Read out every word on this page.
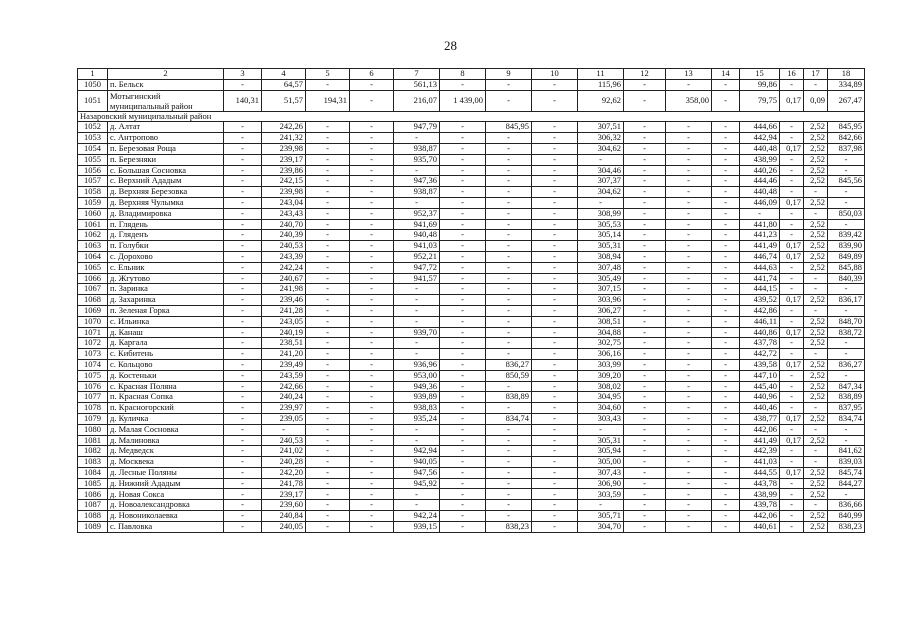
28
1	2	3	4	5	6	7	8	9	10	11	12	13	14	15	16	17	18
1050	п. Бельск	-	64,57	-	-	561,13	-	-	-	115,96	-	-	-	99,86	-	-	334,89
1051	Мотыгинский муниципальный район	140,31	51,57	194,31	-	216,07	1 439,00	-	-	92,62	-	358,00	-	79,75	0,17	0,09	267,47
Назаровский муниципальный район																	
1052	д. Алтат	-	242,26	-	-	947,79	-	845,95	-	307,51	-	-	-	444,66	-	2,52	845,95
1053	с. Антропово	-	241,32	-	-	-	-	-	-	306,32	-	-	-	442,94	-	2,52	842,66
1054	п. Березовая Роща	-	239,98	-	-	938,87	-	-	-	304,62	-	-	-	440,48	0,17	2,52	837,98
1055	п. Березняки	-	239,17	-	-	935,70	-	-	-	-	-	-	-	438,99	-	2,52	-
1056	с. Большая Сосновка	-	239,86	-	-	-	-	-	-	304,46	-	-	-	440,26	-	2,52	-
1057	с. Верхний Ададым	-	242,15	-	-	947,36	-	-	-	307,37	-	-	-	444,46	-	2,52	845,56
1058	д. Верхняя Березовка	-	239,98	-	-	938,87	-	-	-	304,62	-	-	-	440,48	-	-	-
1059	д. Верхняя Чулымка	-	243,04	-	-	-	-	-	-	-	-	-	-	446,09	0,17	2,52	-
1060	д. Владимировка	-	243,43	-	-	952,37	-	-	-	308,99	-	-	-	-	-	-	850,03
1061	п. Глядень	-	240,70	-	-	941,69	-	-	-	305,53	-	-	-	441,80	-	2,52	-
1062	д. Гляденъ	-	240,39	-	-	940,48	-	-	-	305,14	-	-	-	441,23	-	2,52	839,42
1063	п. Голубки	-	240,53	-	-	941,03	-	-	-	305,31	-	-	-	441,49	0,17	2,52	839,90
1064	с. Дорохово	-	243,39	-	-	952,21	-	-	-	308,94	-	-	-	446,74	0,17	2,52	849,89
1065	с. Ельник	-	242,24	-	-	947,72	-	-	-	307,48	-	-	-	444,63	-	2,52	845,88
1066	д. Жгутово	-	240,67	-	-	941,57	-	-	-	305,49	-	-	-	441,74	-	-	840,39
1067	п. Заринка	-	241,98	-	-	-	-	-	-	307,15	-	-	-	444,15	-	-	-
1068	д. Захаринка	-	239,46	-	-	-	-	-	-	303,96	-	-	-	439,52	0,17	2,52	836,17
1069	п. Зеленая Горка	-	241,28	-	-	-	-	-	-	306,27	-	-	-	442,86	-	-	-
1070	с. Ильинка	-	243,05	-	-	-	-	-	-	308,51	-	-	-	446,11	-	2,52	848,70
1071	д. Канаш	-	240,19	-	-	939,70	-	-	-	304,88	-	-	-	440,86	0,17	2,52	838,72
1072	д. Каргала	-	238,51	-	-	-	-	-	-	302,75	-	-	-	437,78	-	2,52	-
1073	с. Кибитень	-	241,20	-	-	-	-	-	-	306,16	-	-	-	442,72	-	-	-
1074	с. Кольцово	-	239,49	-	-	936,96	-	836,27	-	303,99	-	-	-	439,58	0,17	2,52	836,27
1075	д. Костеньки	-	243,59	-	-	953,00	-	850,59	-	309,20	-	-	-	447,10	-	2,52	-
1076	с. Красная Поляна	-	242,66	-	-	949,36	-	-	-	308,02	-	-	-	445,40	-	2,52	847,34
1077	п. Красная Сопка	-	240,24	-	-	939,89	-	838,89	-	304,95	-	-	-	440,96	-	2,52	838,89
1078	п. Красногорский	-	239,97	-	-	938,83	-	-	-	304,60	-	-	-	440,46	-	-	837,95
1079	д. Куличка	-	239,05	-	-	935,24	-	834,74	-	303,43	-	-	-	438,77	0,17	2,52	834,74
1080	д. Малая Сосновка	-	-	-	-	-	-	-	-	-	-	-	-	442,06	-	-	-
1081	д. Малиновка	-	240,53	-	-	-	-	-	-	305,31	-	-	-	441,49	0,17	2,52	-
1082	д. Медведск	-	241,02	-	-	942,94	-	-	-	305,94	-	-	-	442,39	-	-	841,62
1083	д. Москвека	-	240,28	-	-	940,05	-	-	-	305,00	-	-	-	441,03	-	-	839,03
1084	д. Лесные Поляны	-	242,20	-	-	947,56	-	-	-	307,43	-	-	-	444,55	0,17	2,52	845,74
1085	д. Нижний Ададым	-	241,78	-	-	945,92	-	-	-	306,90	-	-	-	443,78	-	2,52	844,27
1086	д. Новая Сокса	-	239,17	-	-	-	-	-	-	303,59	-	-	-	438,99	-	2,52	-
1087	д. Новоалександровка	-	239,60	-	-	-	-	-	-	-	-	-	-	439,78	-	-	836,66
1088	д. Новониколаевка	-	240,84	-	-	942,24	-	-	-	305,71	-	-	-	442,06	-	2,52	840,99
1089	с. Павловка	-	240,05	-	-	939,15	-	838,23	-	304,70	-	-	-	440,61	-	2,52	838,23
